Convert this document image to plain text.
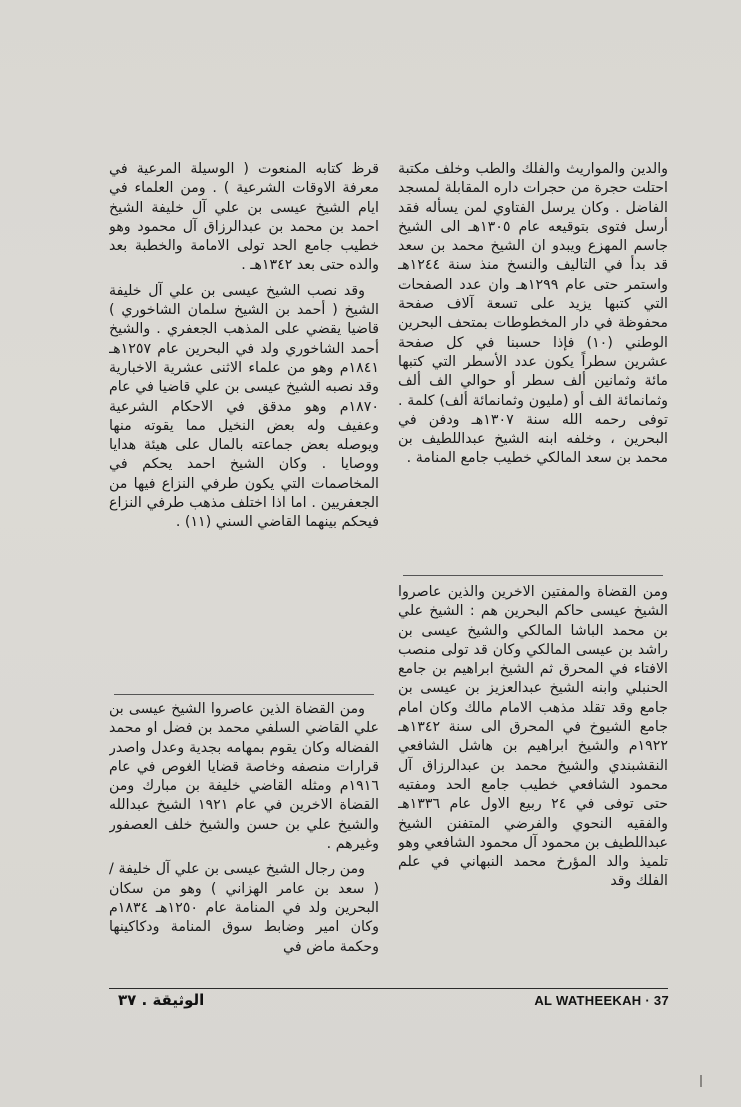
والدين والمواريث والفلك والطب وخلف مكتبة احتلت حجرة من حجرات داره المقابلة لمسجد الفاضل . وكان يرسل الفتاوي لمن يسأله فقد أرسل فتوى بتوقيعه عام ١٣٠٥هـ الى الشيخ جاسم المهزع ويبدو ان الشيخ محمد بن سعد قد بدأ في التاليف والنسخ منذ سنة ١٢٤٤هـ واستمر حتى عام ١٢٩٩هـ وان عدد الصفحات التي كتبها يزيد على تسعة آلاف صفحة محفوظة في دار المخطوطات بمتحف البحرين الوطني (١٠) فإذا حسبنا في كل صفحة عشرين سطراً يكون عدد الأسطر التي كتبها مائة وثمانين ألف سطر أو حوالي الف ألف وثمانمائة الف أو (مليون وثمانمائة ألف) كلمة . توفى رحمه الله سنة ١٣٠٧هـ ودفن في البحرين ، وخلفه ابنه الشيخ عبداللطيف بن محمد بن سعد المالكي خطيب جامع المنامة .

ومن القضاة والمفتين الاخرين والذين عاصروا الشيخ عيسى حاكم البحرين هم : الشيخ علي بن محمد الباشا المالكي والشيخ عيسى بن راشد بن عيسى المالكي وكان قد تولى منصب الافتاء في المحرق ثم الشيخ ابراهيم بن جامع الحنبلي وابنه الشيخ عبدالعزيز بن عيسى بن جامع وقد تقلد مذهب الامام مالك وكان امام جامع الشيوخ في المحرق الى سنة ١٣٤٢هـ ١٩٢٢م والشيخ ابراهيم بن هاشل الشافعي النقشبندي والشيخ محمد بن عبدالرزاق آل محمود الشافعي خطيب جامع الحد ومفتيه حتى توفى في ٢٤ ربيع الاول عام ١٣٣٦هـ والفقيه النحوي والفرضي المتفنن الشيخ عبداللطيف بن محمود آل محمود الشافعي وهو تلميذ والد المؤرخ محمد النبهاني في علم الفلك وقد

قرظ كتابه المنعوت ( الوسيلة المرعية في معرفة الاوقات الشرعية ) . ومن العلماء في ايام الشيخ عيسى بن علي آل خليفة الشيخ احمد بن محمد بن عبدالرزاق آل محمود وهو خطيب جامع الحد تولى الامامة والخطبة بعد والده حتى بعد ١٣٤٢هـ .

وقد نصب الشيخ عيسى بن علي آل خليفة الشيخ ( أحمد بن الشيخ سلمان الشاخوري ) قاضيا يقضي على المذهب الجعفري . والشيخ أحمد الشاخوري ولد في البحرين عام ١٢٥٧هـ ١٨٤١م وهو من علماء الاثنى عشرية الاخبارية وقد نصبه الشيخ عيسى بن علي قاضيا في عام ١٨٧٠م وهو مدقق في الاحكام الشرعية وعفيف وله بعض النخيل مما يقوته منها ويوصله بعض جماعته بالمال على هيئة هدايا ووصايا . وكان الشيخ احمد يحكم في المخاصمات التي يكون طرفي النزاع فيها من الجعفريين . اما اذا اختلف مذهب طرفي النزاع فيحكم بينهما القاضي السني (١١) .

ومن القضاة الذين عاصروا الشيخ عيسى بن علي القاضي السلفي محمد بن فضل او محمد الفضاله وكان يقوم بمهامه بجدية وعدل واصدر قرارات منصفه وخاصة قضايا الغوص في عام ١٩١٦م ومثله القاضي خليفة بن مبارك ومن القضاة الاخرين في عام ١٩٢١ الشيخ عبدالله والشيخ علي بن حسن والشيخ خلف العصفور وغيرهم .

ومن رجال الشيخ عيسى بن علي آل خليفة / ( سعد بن عامر الهزاني ) وهو من سكان البحرين ولد في المنامة عام ١٢٥٠هـ ١٨٣٤م وكان امير وضابط سوق المنامة ودكاكينها وحكمة ماض في

الوثيقة . ٣٧	AL WATHEEKAH · 37
